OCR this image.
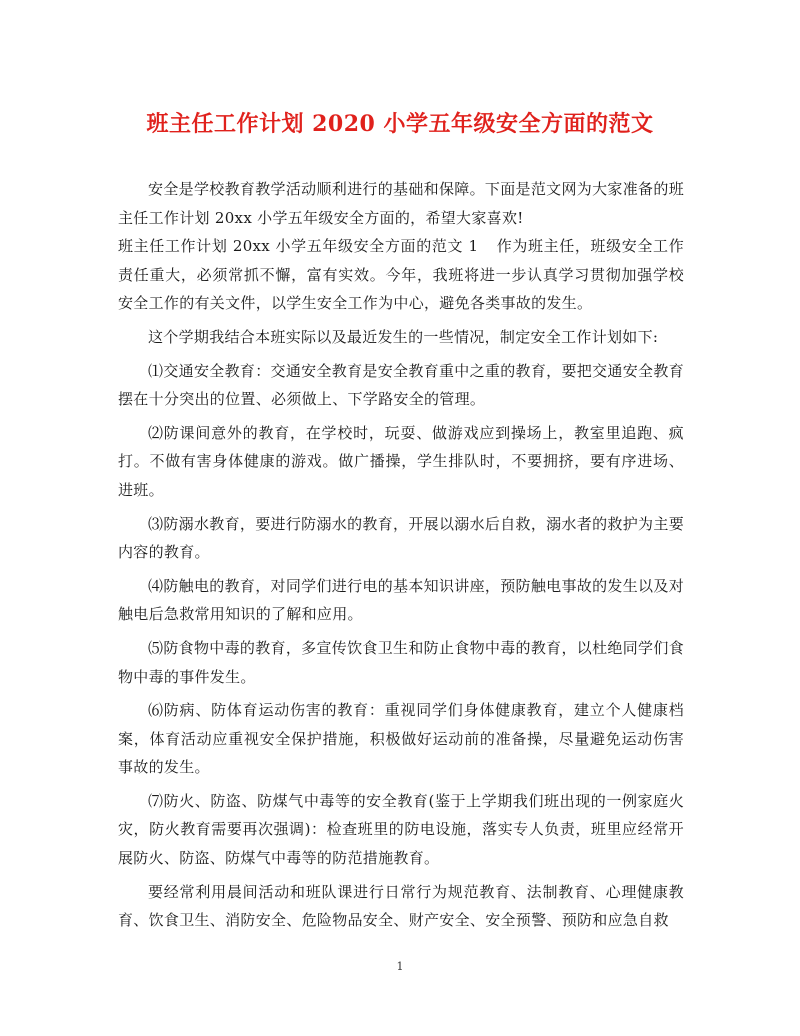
班主任工作计划 2020 小学五年级安全方面的范文

安全是学校教育教学活动顺利进行的基础和保障。下面是范文网为大家准备的班主任工作计划 20xx 小学五年级安全方面的，希望大家喜欢!

班主任工作计划 20xx 小学五年级安全方面的范文 1 作为班主任，班级安全工作责任重大，必须常抓不懈，富有实效。今年，我班将进一步认真学习贯彻加强学校安全工作的有关文件，以学生安全工作为中心，避免各类事故的发生。

这个学期我结合本班实际以及最近发生的一些情况，制定安全工作计划如下:

⑴交通安全教育：交通安全教育是安全教育重中之重的教育，要把交通安全教育摆在十分突出的位置、必须做上、下学路安全的管理。

⑵防课间意外的教育，在学校时，玩耍、做游戏应到操场上，教室里追跑、疯打。不做有害身体健康的游戏。做广播操，学生排队时，不要拥挤，要有序进场、进班。

⑶防溺水教育，要进行防溺水的教育，开展以溺水后自救，溺水者的救护为主要内容的教育。

⑷防触电的教育，对同学们进行电的基本知识讲座，预防触电事故的发生以及对触电后急救常用知识的了解和应用。

⑸防食物中毒的教育，多宣传饮食卫生和防止食物中毒的教育，以杜绝同学们食物中毒的事件发生。

⑹防病、防体育运动伤害的教育：重视同学们身体健康教育，建立个人健康档案，体育活动应重视安全保护措施，积极做好运动前的准备操，尽量避免运动伤害事故的发生。

⑺防火、防盗、防煤气中毒等的安全教育(鉴于上学期我们班出现的一例家庭火灾，防火教育需要再次强调)：检查班里的防电设施，落实专人负责，班里应经常开展防火、防盗、防煤气中毒等的防范措施教育。

要经常利用晨间活动和班队课进行日常行为规范教育、法制教育、心理健康教育、饮食卫生、消防安全、危险物品安全、财产安全、安全预警、预防和应急自救

1
